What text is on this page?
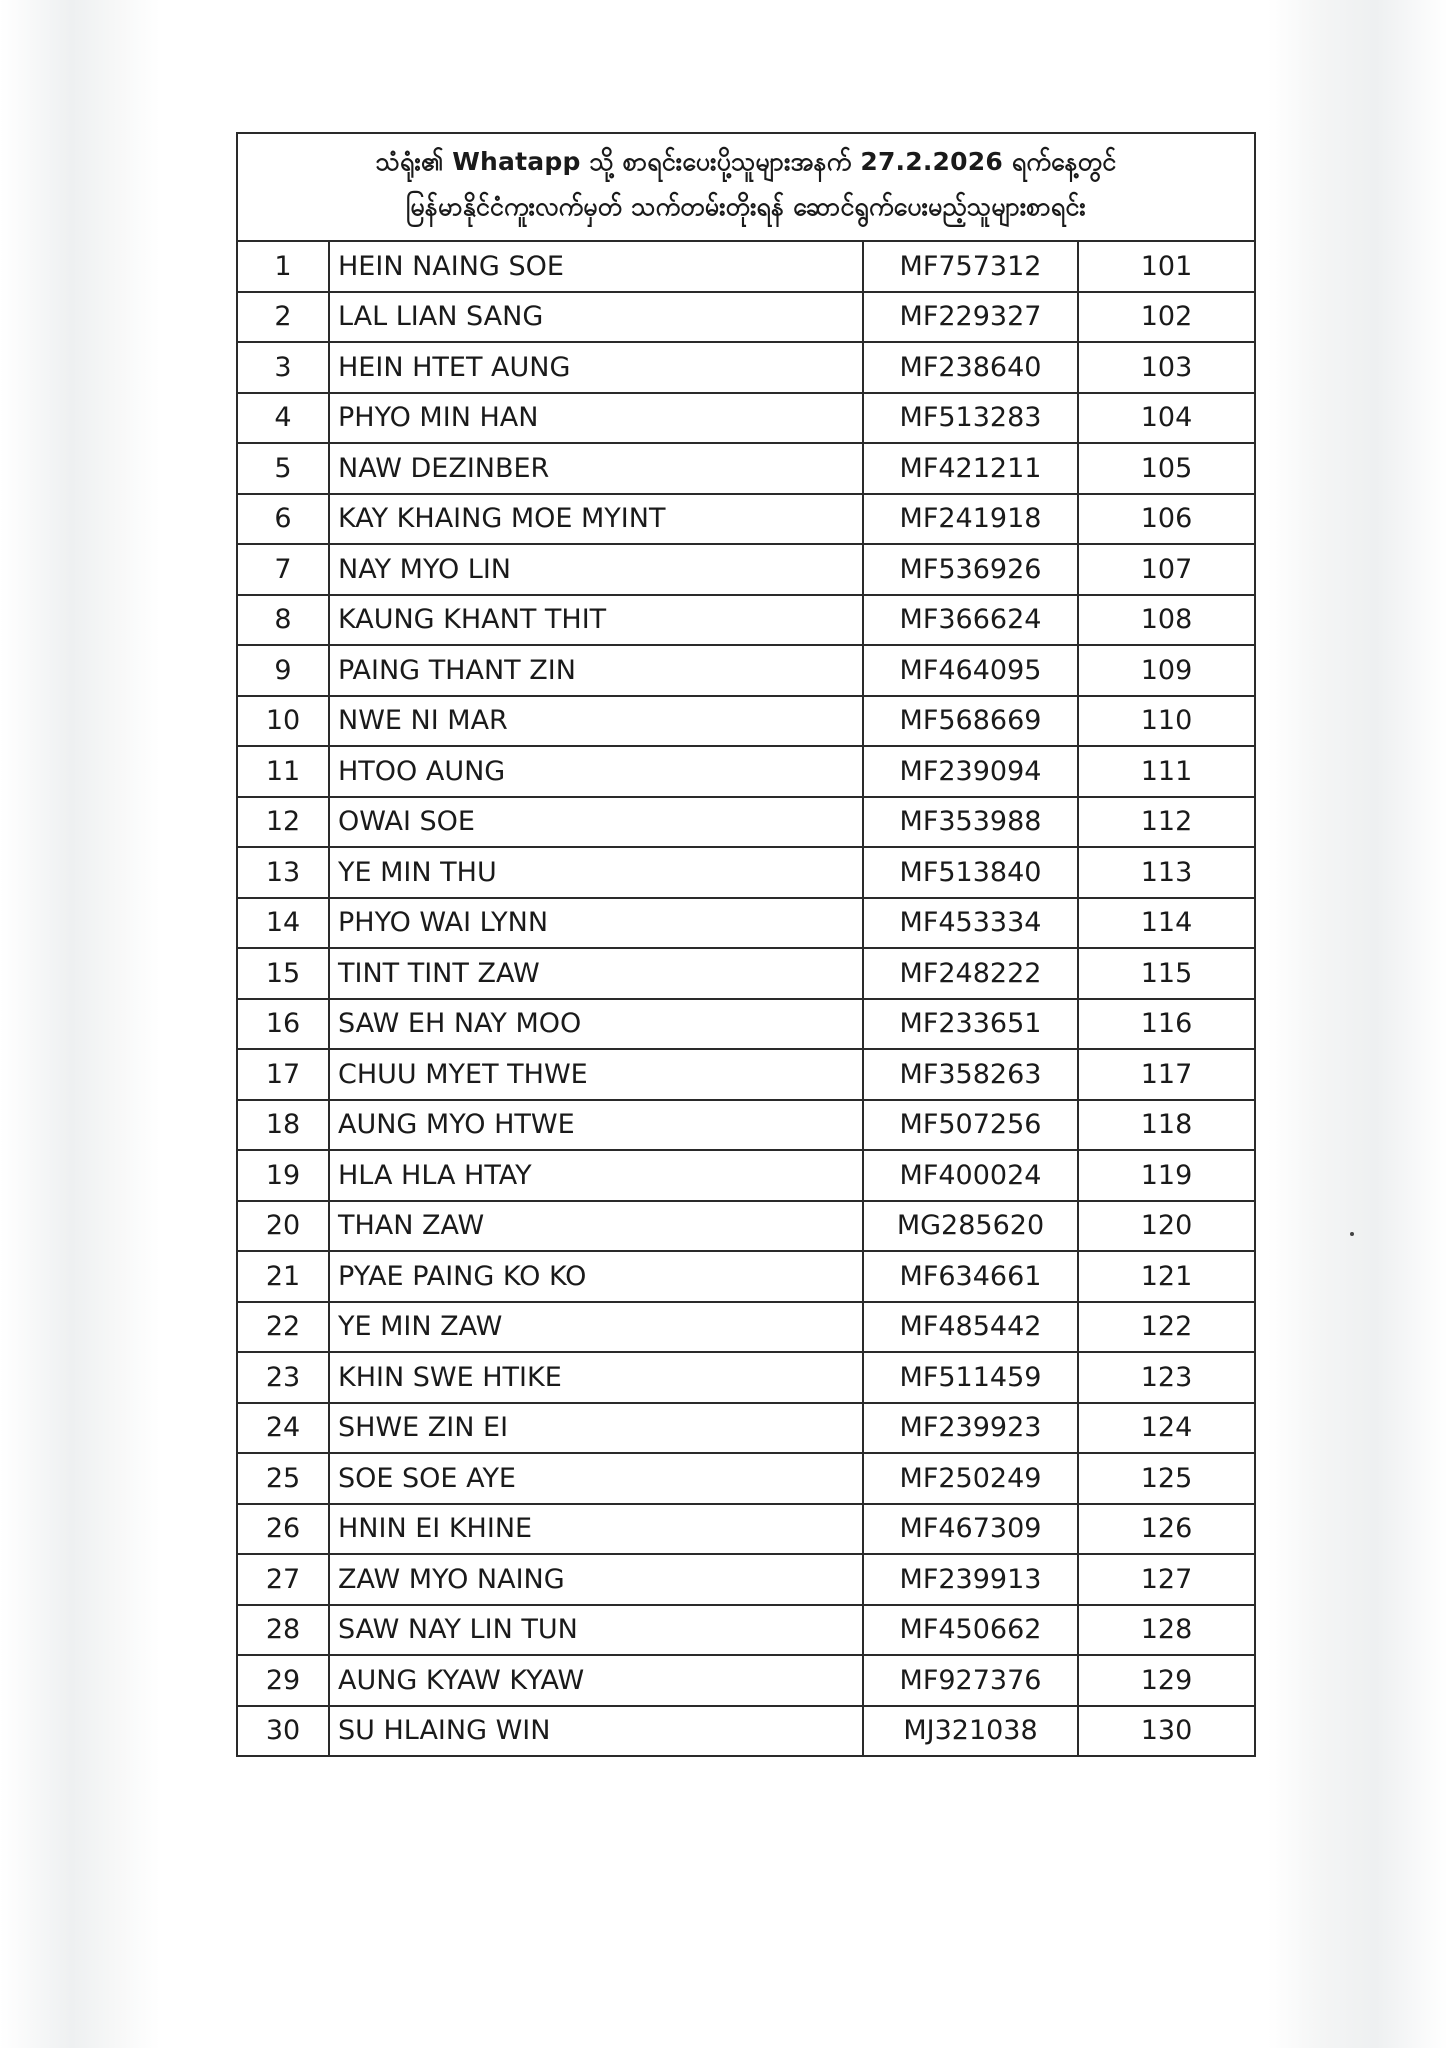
သံရုံး၏ Whatapp သို့ စာရင်းပေးပို့သူများအနက် 27.2.2026 ရက်နေ့တွင်
မြန်မာနိုင်ငံကူးလက်မှတ် သက်တမ်းတိုးရန် ဆောင်ရွက်ပေးမည့်သူများစာရင်း
1	HEIN NAING SOE	MF757312	101
2	LAL LIAN SANG	MF229327	102
3	HEIN HTET AUNG	MF238640	103
4	PHYO MIN HAN	MF513283	104
5	NAW DEZINBER	MF421211	105
6	KAY KHAING MOE MYINT	MF241918	106
7	NAY MYO LIN	MF536926	107
8	KAUNG KHANT THIT	MF366624	108
9	PAING THANT ZIN	MF464095	109
10	NWE NI MAR	MF568669	110
11	HTOO AUNG	MF239094	111
12	OWAI SOE	MF353988	112
13	YE MIN THU	MF513840	113
14	PHYO WAI LYNN	MF453334	114
15	TINT TINT ZAW	MF248222	115
16	SAW EH NAY MOO	MF233651	116
17	CHUU MYET THWE	MF358263	117
18	AUNG MYO HTWE	MF507256	118
19	HLA HLA HTAY	MF400024	119
20	THAN ZAW	MG285620	120
21	PYAE PAING KO KO	MF634661	121
22	YE MIN ZAW	MF485442	122
23	KHIN SWE HTIKE	MF511459	123
24	SHWE ZIN EI	MF239923	124
25	SOE SOE AYE	MF250249	125
26	HNIN EI KHINE	MF467309	126
27	ZAW MYO NAING	MF239913	127
28	SAW NAY LIN TUN	MF450662	128
29	AUNG KYAW KYAW	MF927376	129
30	SU HLAING WIN	MJ321038	130
